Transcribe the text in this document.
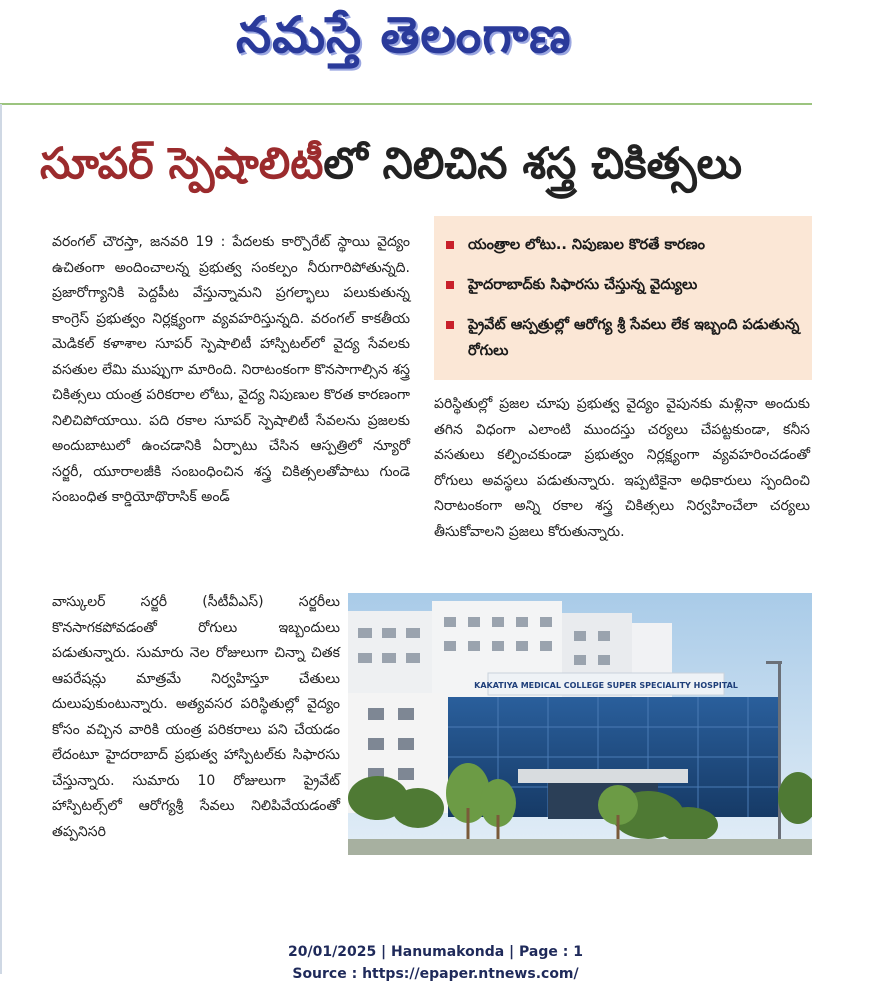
నమస్తే తెలంగాణ
సూపర్ స్పెషాలిటీలో నిలిచిన శస్త్ర చికిత్సలు

వరంగల్ చౌరస్తా, జనవరి 19 : పేదలకు కార్పొరేట్ స్థాయి వైద్యం ఉచితంగా అందించాలన్న ప్రభుత్వ సంకల్పం నీరుగారిపోతున్నది. ప్రజారోగ్యానికి పెద్దపీట వేస్తున్నామని ప్రగల్భాలు పలుకుతున్న కాంగ్రెస్ ప్రభుత్వం నిర్లక్ష్యంగా వ్యవహరిస్తున్నది. వరంగల్ కాకతీయ మెడికల్ కళాశాల సూపర్ స్పెషాలిటీ హాస్పిటల్‌లో వైద్య సేవలకు వసతుల లేమి ముప్పుగా మారింది. నిరాటంకంగా కొనసాగాల్సిన శస్త్ర చికిత్సలు యంత్ర పరికరాల లోటు, వైద్య నిపుణుల కొరత కారణంగా నిలిచిపోయాయి. పది రకాల సూపర్ స్పెషాలిటీ సేవలను ప్రజలకు అందుబాటులో ఉంచడానికి ఏర్పాటు చేసిన ఆస్పత్రిలో న్యూరో సర్జరీ, యూరాలజీకి సంబంధించిన శస్త్ర చికిత్సలతోపాటు గుండె సంబంధిత కార్డియోథొరాసిక్ అండ్

యంత్రాల లోటు.. నిపుణుల కొరతే కారణం
హైదరాబాద్‌కు సిఫారసు చేస్తున్న వైద్యులు
ప్రైవేట్ ఆస్పత్రుల్లో ఆరోగ్య శ్రీ సేవలు లేక ఇబ్బంది పడుతున్న రోగులు

పరిస్థితుల్లో ప్రజల చూపు ప్రభుత్వ వైద్యం వైపునకు మళ్లినా అందుకు తగిన విధంగా ఎలాంటి ముందస్తు చర్యలు చేపట్టకుండా, కనీస వసతులు కల్పించకుండా ప్రభుత్వం నిర్లక్ష్యంగా వ్యవహరించడంతో రోగులు అవస్థలు పడుతున్నారు. ఇప్పటికైనా అధికారులు స్పందించి నిరాటంకంగా అన్ని రకాల శస్త్ర చికిత్సలు నిర్వహించేలా చర్యలు తీసుకోవాలని ప్రజలు కోరుతున్నారు.

వాస్కులర్ సర్జరీ (సీటీవీఎస్) సర్జరీలు కొనసాగకపోవడంతో రోగులు ఇబ్బందులు పడుతున్నారు. సుమారు నెల రోజులుగా చిన్నా చితక ఆపరేషన్లు మాత్రమే నిర్వహిస్తూ చేతులు దులుపుకుంటున్నారు. అత్యవసర పరిస్థితుల్లో వైద్యం కోసం వచ్చిన వారికి యంత్ర పరికరాలు పని చేయడం లేదంటూ హైదరాబాద్ ప్రభుత్వ హాస్పిటల్‌కు సిఫారసు చేస్తున్నారు. సుమారు 10 రోజులుగా ప్రైవేట్ హాస్పిటల్స్‌లో ఆరోగ్యశ్రీ సేవలు నిలిపివేయడంతో తప్పనిసరి

KAKATIYA MEDICAL COLLEGE SUPER SPECIALITY HOSPITAL
20/01/2025 | Hanumakonda | Page : 1
Source : https://epaper.ntnews.com/
